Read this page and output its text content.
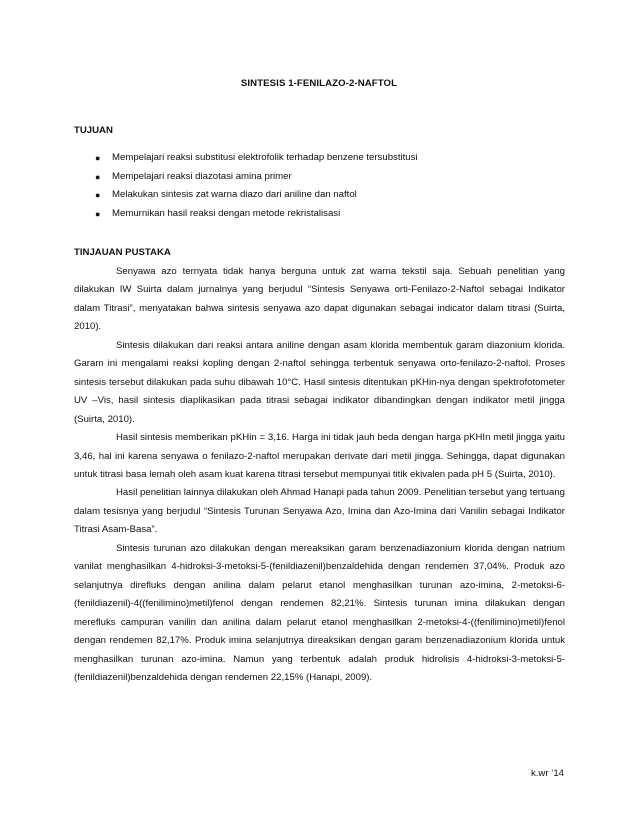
SINTESIS 1-FENILAZO-2-NAFTOL
TUJUAN
● Mempelajari reaksi substitusi elektrofolik terhadap benzene tersubstitusi
● Mempelajari reaksi diazotasi amina primer
● Melakukan sintesis zat warna diazo dari aniline dan naftol
● Memurnikan hasil reaksi dengan metode rekristalisasi
TINJAUAN PUSTAKA

Senyawa azo ternyata tidak hanya berguna untuk zat warna tekstil saja. Sebuah penelitian yang dilakukan IW Suirta dalam jurnalnya yang berjudul “Sintesis Senyawa orti-Fenilazo-2-Naftol sebagai Indikator dalam Titrasi”, menyatakan bahwa sintesis senyawa azo dapat digunakan sebagai indicator dalam titrasi (Suirta, 2010).

Sintesis dilakukan dari reaksi antara aniline dengan asam klorida membentuk garam diazonium klorida. Garam ini mengalami reaksi kopling dengan 2-naftol sehingga terbentuk senyawa orto-fenilazo-2-naftol. Proses sintesis tersebut dilakukan pada suhu dibawah 10°C. Hasil sintesis ditentukan pKHin-nya dengan spektrofotometer UV –Vis, hasil sintesis diaplikasikan pada titrasi sebagai indikator dibandingkan dengan indikator metil jingga (Suirta, 2010).

Hasil sintesis memberikan pKHin = 3,16. Harga ini tidak jauh beda dengan harga pKHIn metil jingga yaitu 3,46, hal ini karena senyawa o fenilazo-2-naftol merupakan derivate dari metil jingga. Sehingga, dapat digunakan untuk titrasi basa lemah oleh asam kuat karena titrasi tersebut mempunyai titik ekivalen pada pH 5 (Suirta, 2010).

Hasil penelitian lainnya dilakukan oleh Ahmad Hanapi pada tahun 2009. Penelitian tersebut yang tertuang dalam tesisnya yang berjudul “Sintesis Turunan Senyawa Azo, Imina dan Azo-Imina dari Vanilin sebagai Indikator Titrasi Asam-Basa”.

Sintesis turunan azo dilakukan dengan mereaksikan garam benzenadiazonium klorida dengan natrium vanilat menghasilkan 4-hidroksi-3-metoksi-5-(fenildiazenil)benzaldehida dengan rendemen 37,04%. Produk azo selanjutnya direfluks dengan anilina dalam pelarut etanol menghasilkan turunan azo-imina, 2-metoksi-6-(fenildiazenil)-4((fenilimino)metil)fenol dengan rendemen 82,21%. Sintesis turunan imina dilakukan dengan merefluks campuran vanilin dan anilina dalam pelarut etanol menghasilkan 2-metoksi-4-((fenilimino)metil)fenol dengan rendemen 82,17%. Produk imina selanjutnya direaksikan dengan garam benzenadiazonium klorida untuk menghasilkan turunan azo-imina. Namun yang terbentuk adalah produk hidrolisis 4-hidroksi-3-metoksi-5-(fenildiazenil)benzaldehida dengan rendemen 22,15% (Hanapi, 2009).

k.wr ‘14
